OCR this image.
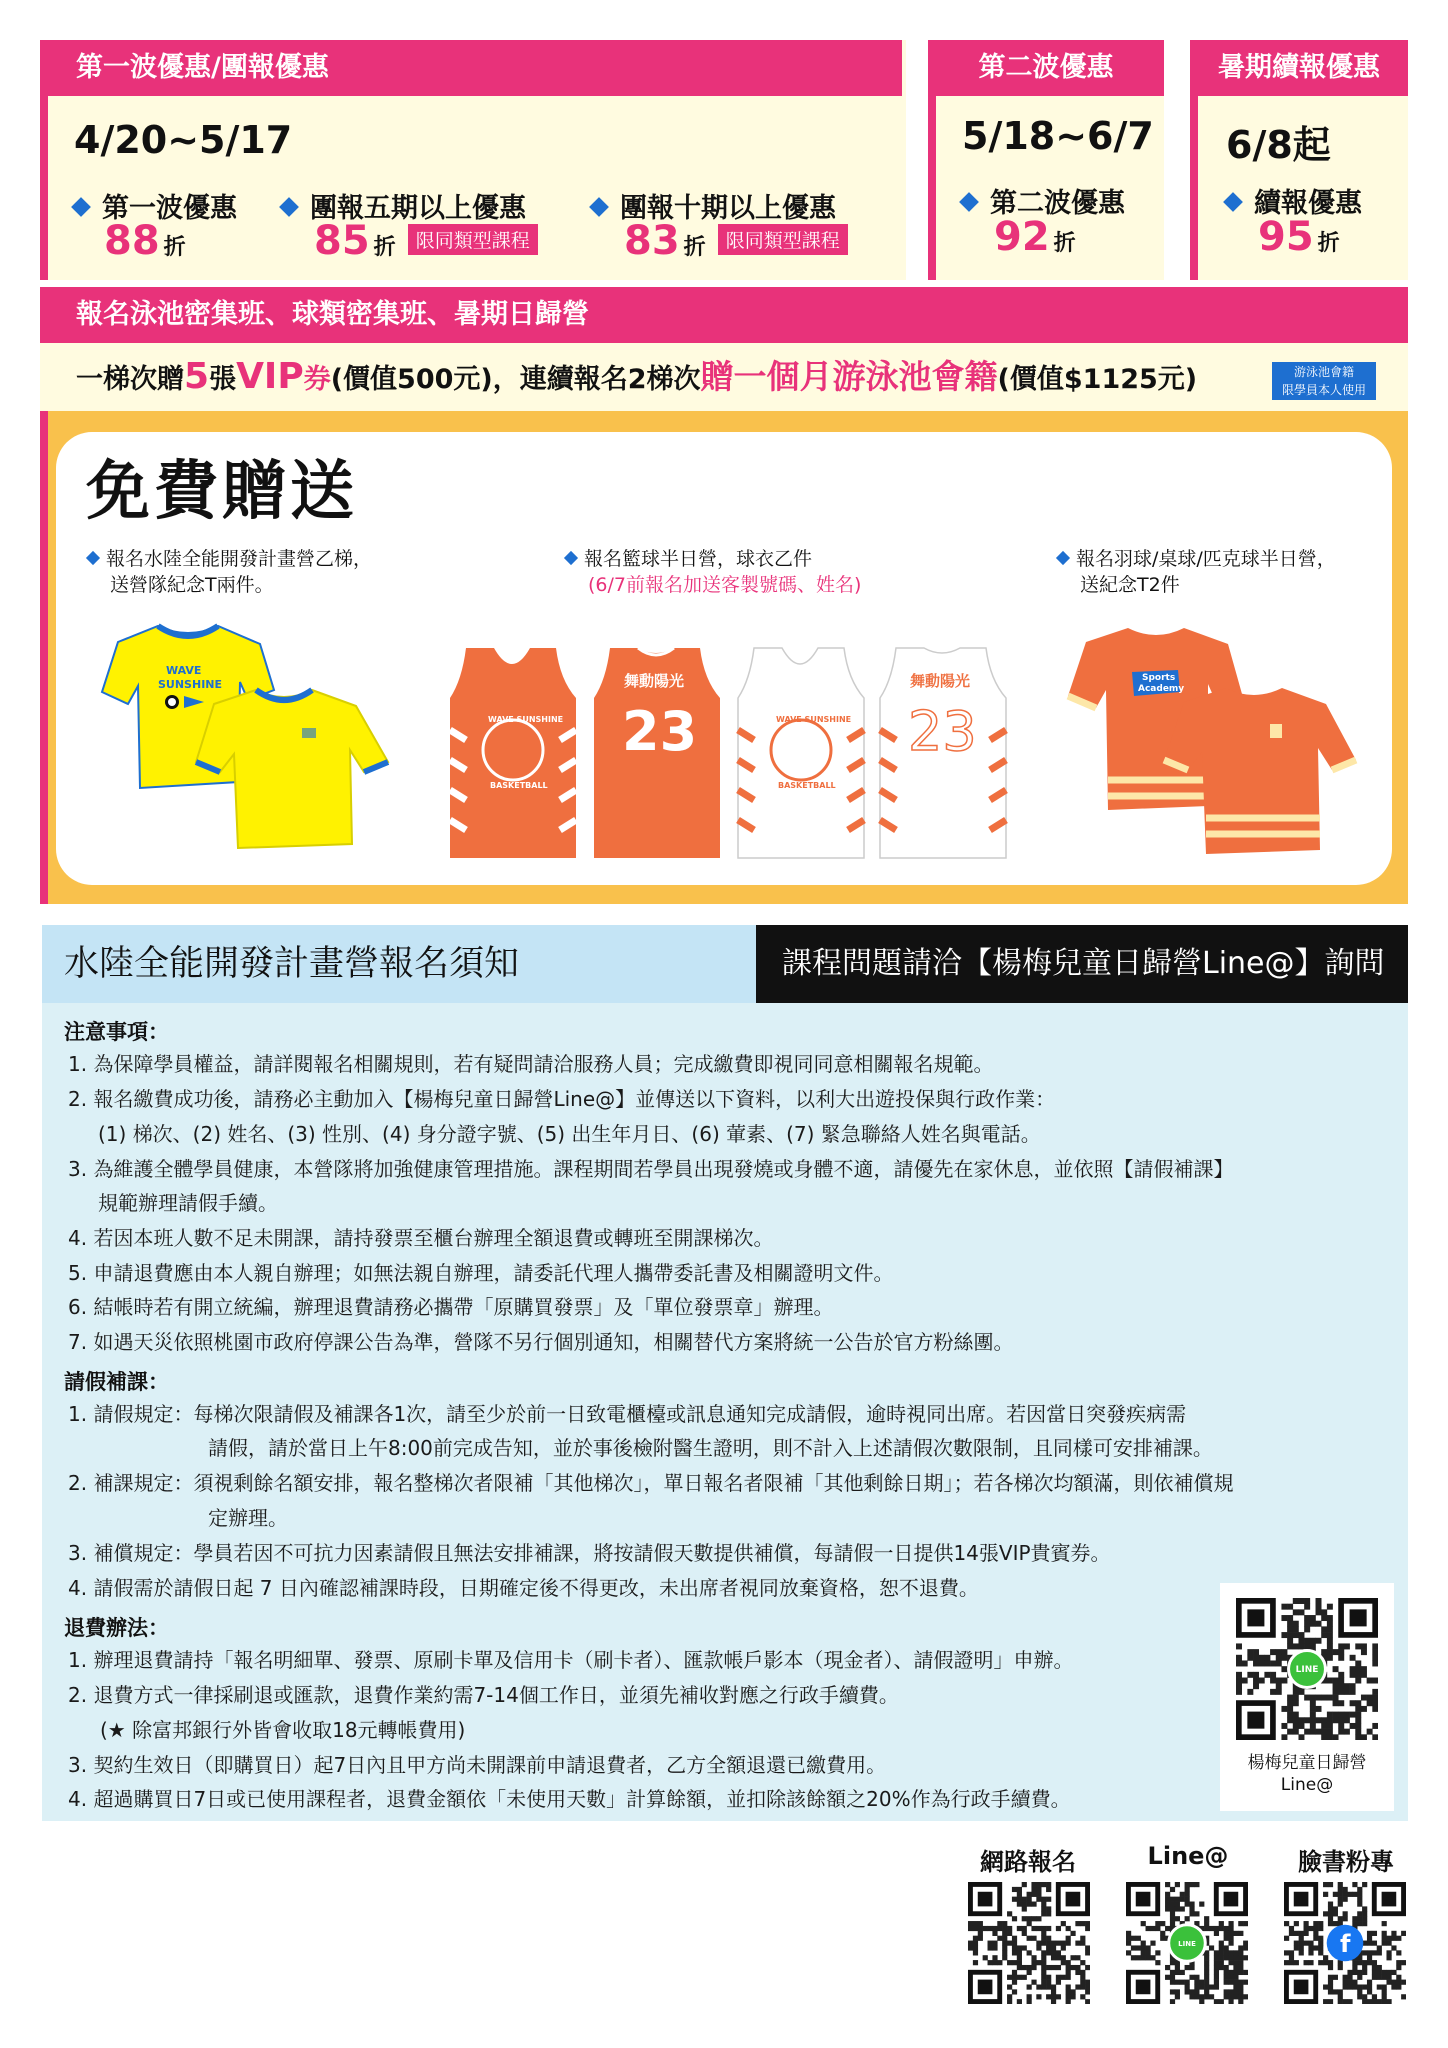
第一波優惠/團報優惠
4/20~5/17
第一波優惠
88 折
團報五期以上優惠
85 折 限同類型課程
團報十期以上優惠
83 折 限同類型課程
第二波優惠
5/18~6/7
第二波優惠
92 折
暑期續報優惠
6/8起
續報優惠
95 折
報名泳池密集班、球類密集班、暑期日歸營
一梯次贈5張VIP券(價值500元)，連續報名2梯次贈一個月游泳池會籍(價值$1125元)	游泳池會籍
限學員本人使用
免費贈送
報名水陸全能開發計畫營乙梯，
送營隊紀念T兩件。
報名籃球半日營，球衣乙件
(6/7前報名加送客製號碼、姓名)
報名羽球/桌球/匹克球半日營，
送紀念T2件
WAVE
SUNSHINE
WAVE SUNSHINE
BASKETBALL
舞動陽光
23	WAVE SUNSHINE
BASKETBALL
舞動陽光
23
Sports
Academy
水陸全能開發計畫營報名須知	課程問題請洽【楊梅兒童日歸營Line@】詢問
注意事項：
1. 為保障學員權益，請詳閱報名相關規則，若有疑問請洽服務人員；完成繳費即視同同意相關報名規範。
2. 報名繳費成功後，請務必主動加入【楊梅兒童日歸營Line@】並傳送以下資料，以利大出遊投保與行政作業：
(1) 梯次、(2) 姓名、(3) 性別、(4) 身分證字號、(5) 出生年月日、(6) 葷素、(7) 緊急聯絡人姓名與電話。
3. 為維護全體學員健康，本營隊將加強健康管理措施。課程期間若學員出現發燒或身體不適，請優先在家休息，並依照【請假補課】
規範辦理請假手續。
4. 若因本班人數不足未開課，請持發票至櫃台辦理全額退費或轉班至開課梯次。
5. 申請退費應由本人親自辦理；如無法親自辦理，請委託代理人攜帶委託書及相關證明文件。
6. 結帳時若有開立統編，辦理退費請務必攜帶「原購買發票」及「單位發票章」辦理。
7. 如遇天災依照桃園市政府停課公告為準，營隊不另行個別通知，相關替代方案將統一公告於官方粉絲團。
請假補課：
1. 請假規定：每梯次限請假及補課各1次，請至少於前一日致電櫃檯或訊息通知完成請假，逾時視同出席。若因當日突發疾病需
請假，請於當日上午8:00前完成告知，並於事後檢附醫生證明，則不計入上述請假次數限制，且同樣可安排補課。
2. 補課規定：須視剩餘名額安排，報名整梯次者限補「其他梯次」，單日報名者限補「其他剩餘日期」；若各梯次均額滿，則依補償規
定辦理。
3. 補償規定：學員若因不可抗力因素請假且無法安排補課，將按請假天數提供補償，每請假一日提供14張VIP貴賓券。
4. 請假需於請假日起 7 日內確認補課時段，日期確定後不得更改，未出席者視同放棄資格，恕不退費。
退費辦法：
1. 辦理退費請持「報名明細單、發票、原刷卡單及信用卡（刷卡者）、匯款帳戶影本（現金者）、請假證明」申辦。
2. 退費方式一律採刷退或匯款，退費作業約需7-14個工作日，並須先補收對應之行政手續費。
(★ 除富邦銀行外皆會收取18元轉帳費用)
3. 契約生效日（即購買日）起7日內且甲方尚未開課前申請退費者，乙方全額退還已繳費用。
4. 超過購買日7日或已使用課程者，退費金額依「未使用天數」計算餘額，並扣除該餘額之20%作為行政手續費。
LINE
楊梅兒童日歸營
Line@
網路報名	Line@	臉書粉專
LINE	f
